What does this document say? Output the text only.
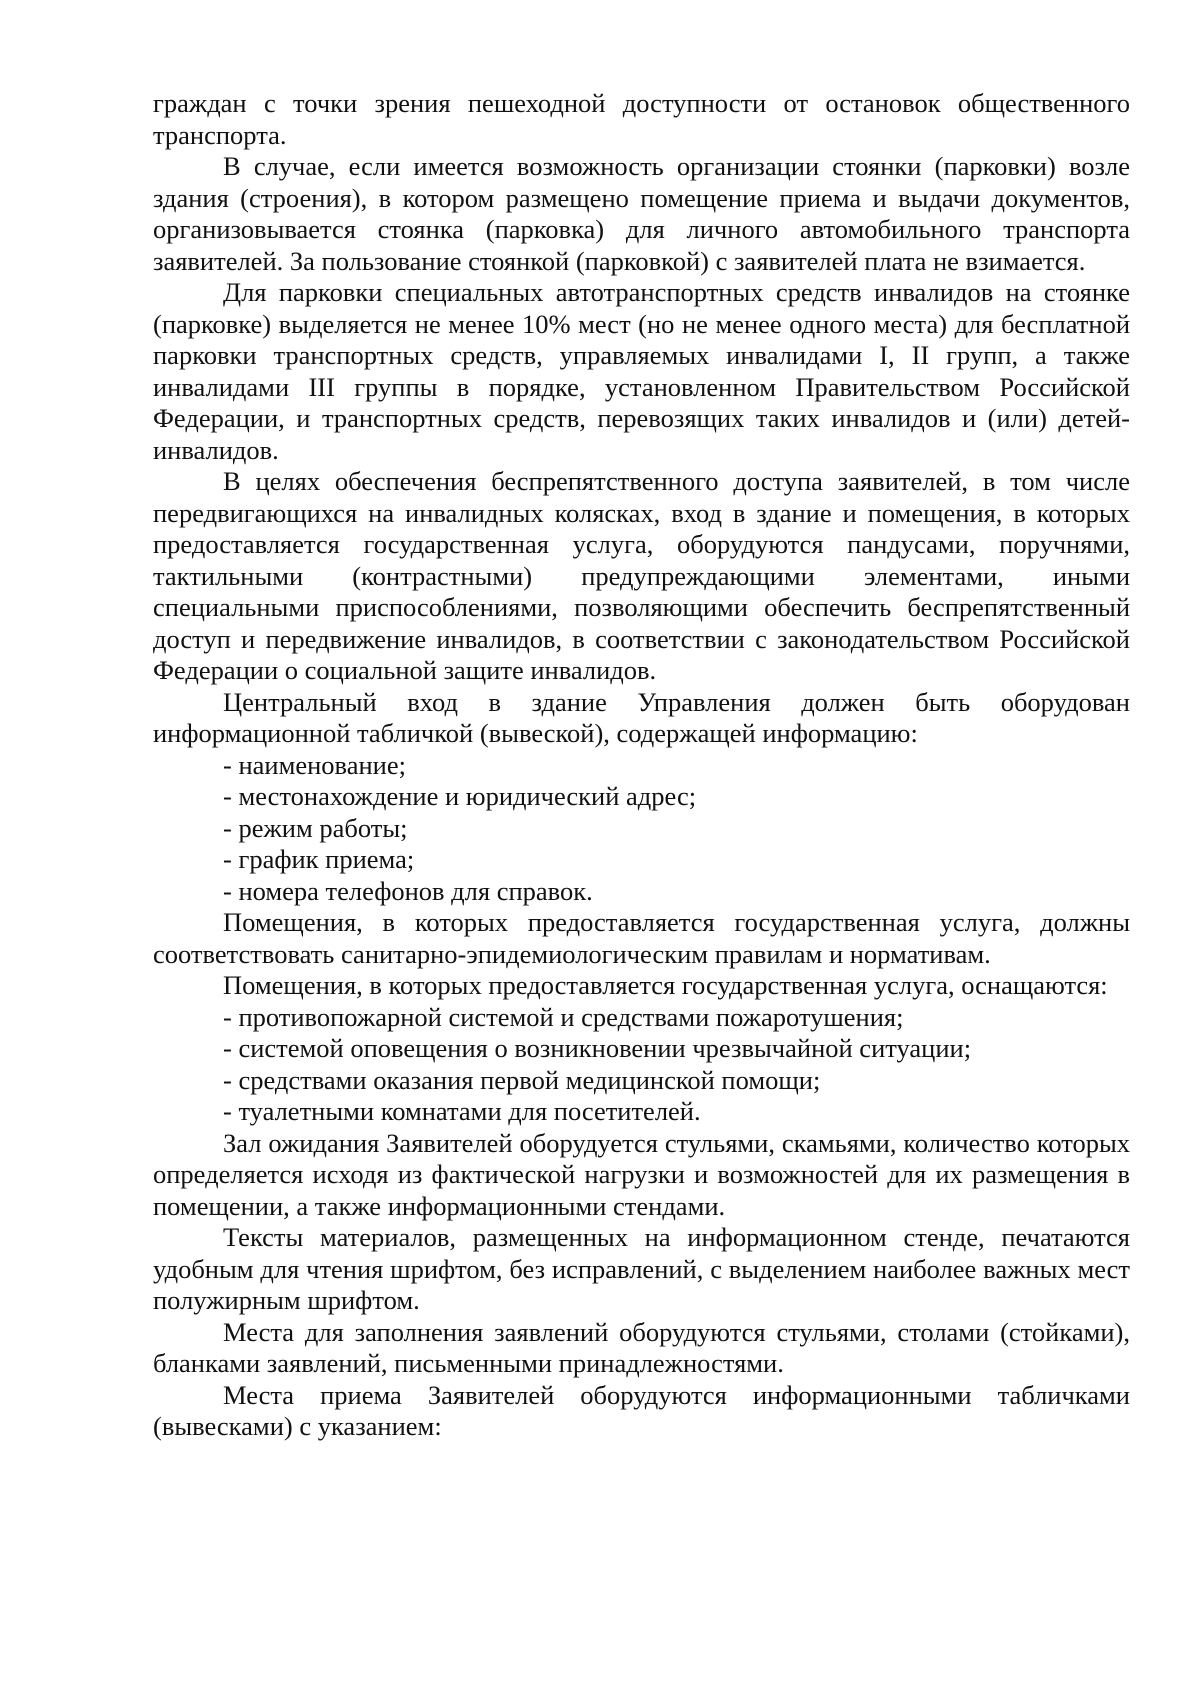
граждан с точки зрения пешеходной доступности от остановок общественного транспорта.

В случае, если имеется возможность организации стоянки (парковки) возле здания (строения), в котором размещено помещение приема и выдачи документов, организовывается стоянка (парковка) для личного автомобильного транспорта заявителей. За пользование стоянкой (парковкой) с заявителей плата не взимается.

Для парковки специальных автотранспортных средств инвалидов на стоянке (парковке) выделяется не менее 10% мест (но не менее одного места) для бесплатной парковки транспортных средств, управляемых инвалидами I, II групп, а также инвалидами III группы в порядке, установленном Правительством Российской Федерации, и транспортных средств, перевозящих таких инвалидов и (или) детей-инвалидов.

В целях обеспечения беспрепятственного доступа заявителей, в том числе передвигающихся на инвалидных колясках, вход в здание и помещения, в которых предоставляется государственная услуга, оборудуются пандусами, поручнями, тактильными (контрастными) предупреждающими элементами, иными специальными приспособлениями, позволяющими обеспечить беспрепятственный доступ и передвижение инвалидов, в соответствии с законодательством Российской Федерации о социальной защите инвалидов.

Центральный вход в здание Управления должен быть оборудован информационной табличкой (вывеской), содержащей информацию:

- наименование;

- местонахождение и юридический адрес;

- режим работы;

- график приема;

- номера телефонов для справок.

Помещения, в которых предоставляется государственная услуга, должны соответствовать санитарно-эпидемиологическим правилам и нормативам.

Помещения, в которых предоставляется государственная услуга, оснащаются:

- противопожарной системой и средствами пожаротушения;

- системой оповещения о возникновении чрезвычайной ситуации;

- средствами оказания первой медицинской помощи;

- туалетными комнатами для посетителей.

Зал ожидания Заявителей оборудуется стульями, скамьями, количество которых определяется исходя из фактической нагрузки и возможностей для их размещения в помещении, а также информационными стендами.

Тексты материалов, размещенных на информационном стенде, печатаются удобным для чтения шрифтом, без исправлений, с выделением наиболее важных мест полужирным шрифтом.

Места для заполнения заявлений оборудуются стульями, столами (стойками), бланками заявлений, письменными принадлежностями.

Места приема Заявителей оборудуются информационными табличками (вывесками) с указанием:
